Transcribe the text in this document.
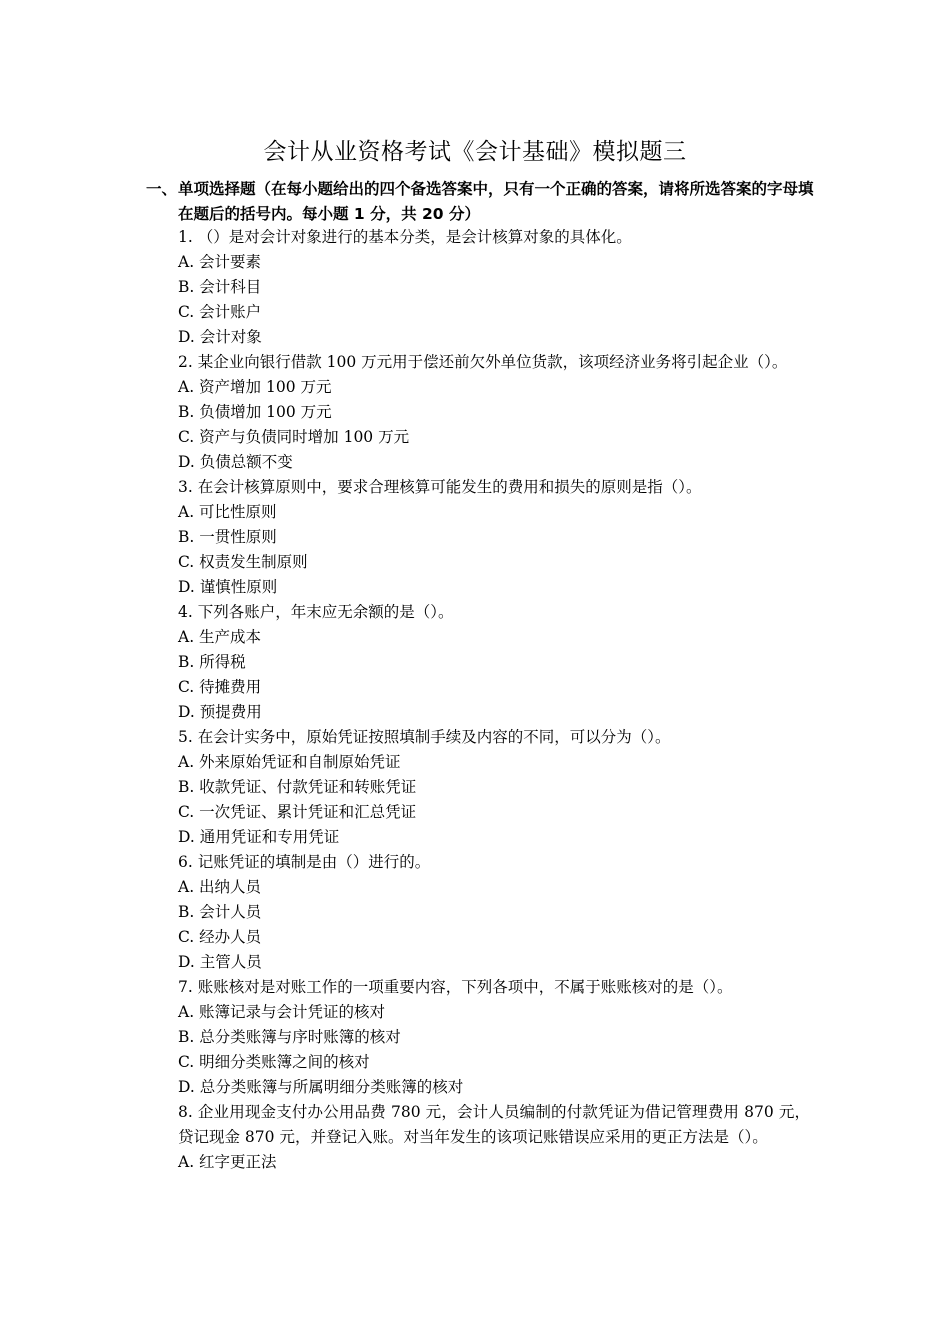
会计从业资格考试《会计基础》模拟题三
一、 单项选择题（在每小题给出的四个备选答案中，只有一个正确的答案，请将所选答案的字母填在题后的括号内。每小题 1 分，共 20 分）

1. （）是对会计对象进行的基本分类，是会计核算对象的具体化。

A. 会计要素

B. 会计科目

C. 会计账户

D. 会计对象

2. 某企业向银行借款 100 万元用于偿还前欠外单位货款，该项经济业务将引起企业（）。

A. 资产增加 100 万元

B. 负债增加 100 万元

C. 资产与负债同时增加 100 万元

D. 负债总额不变

3. 在会计核算原则中，要求合理核算可能发生的费用和损失的原则是指（）。

A. 可比性原则

B. 一贯性原则

C. 权责发生制原则

D. 谨慎性原则

4. 下列各账户，年末应无余额的是（）。

A. 生产成本

B. 所得税

C. 待摊费用

D. 预提费用

5. 在会计实务中，原始凭证按照填制手续及内容的不同，可以分为（）。

A. 外来原始凭证和自制原始凭证

B. 收款凭证、付款凭证和转账凭证

C. 一次凭证、累计凭证和汇总凭证

D. 通用凭证和专用凭证

6. 记账凭证的填制是由（）进行的。

A. 出纳人员

B. 会计人员

C. 经办人员

D. 主管人员

7. 账账核对是对账工作的一项重要内容，下列各项中，不属于账账核对的是（）。

A. 账簿记录与会计凭证的核对

B. 总分类账簿与序时账簿的核对

C. 明细分类账簿之间的核对

D. 总分类账簿与所属明细分类账簿的核对

8. 企业用现金支付办公用品费 780 元，会计人员编制的付款凭证为借记管理费用 870 元，贷记现金 870 元，并登记入账。对当年发生的该项记账错误应采用的更正方法是（）。

A. 红字更正法
